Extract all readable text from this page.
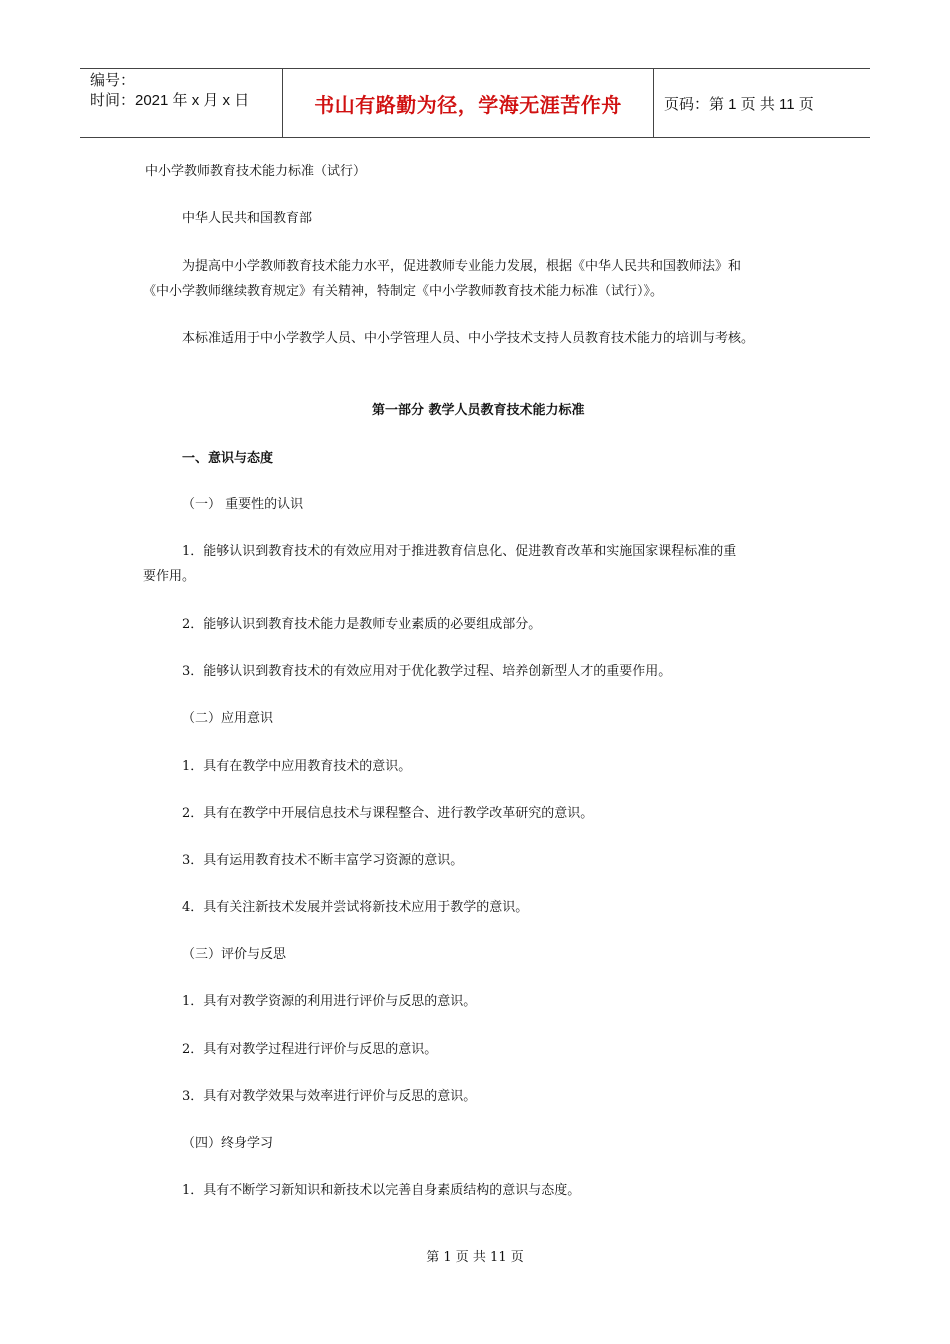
编号：
时间：2021 年 x 月 x 日	书山有路勤为径，学海无涯苦作舟	页码：第 1 页 共 11 页
中小学教师教育技术能力标准（试行）
中华人民共和国教育部
为提高中小学教师教育技术能力水平，促进教师专业能力发展，根据《中华人民共和国教师法》和
《中小学教师继续教育规定》有关精神，特制定《中小学教师教育技术能力标准（试行）》。
本标准适用于中小学教学人员、中小学管理人员、中小学技术支持人员教育技术能力的培训与考核。
第一部分 教学人员教育技术能力标准
一、意识与态度
（一） 重要性的认识
1．能够认识到教育技术的有效应用对于推进教育信息化、促进教育改革和实施国家课程标准的重
要作用。
2．能够认识到教育技术能力是教师专业素质的必要组成部分。
3．能够认识到教育技术的有效应用对于优化教学过程、培养创新型人才的重要作用。
（二）应用意识
1．具有在教学中应用教育技术的意识。
2．具有在教学中开展信息技术与课程整合、进行教学改革研究的意识。
3．具有运用教育技术不断丰富学习资源的意识。
4．具有关注新技术发展并尝试将新技术应用于教学的意识。
（三）评价与反思
1．具有对教学资源的利用进行评价与反思的意识。
2．具有对教学过程进行评价与反思的意识。
3．具有对教学效果与效率进行评价与反思的意识。
（四）终身学习
1．具有不断学习新知识和新技术以完善自身素质结构的意识与态度。
第 1 页 共 11 页
